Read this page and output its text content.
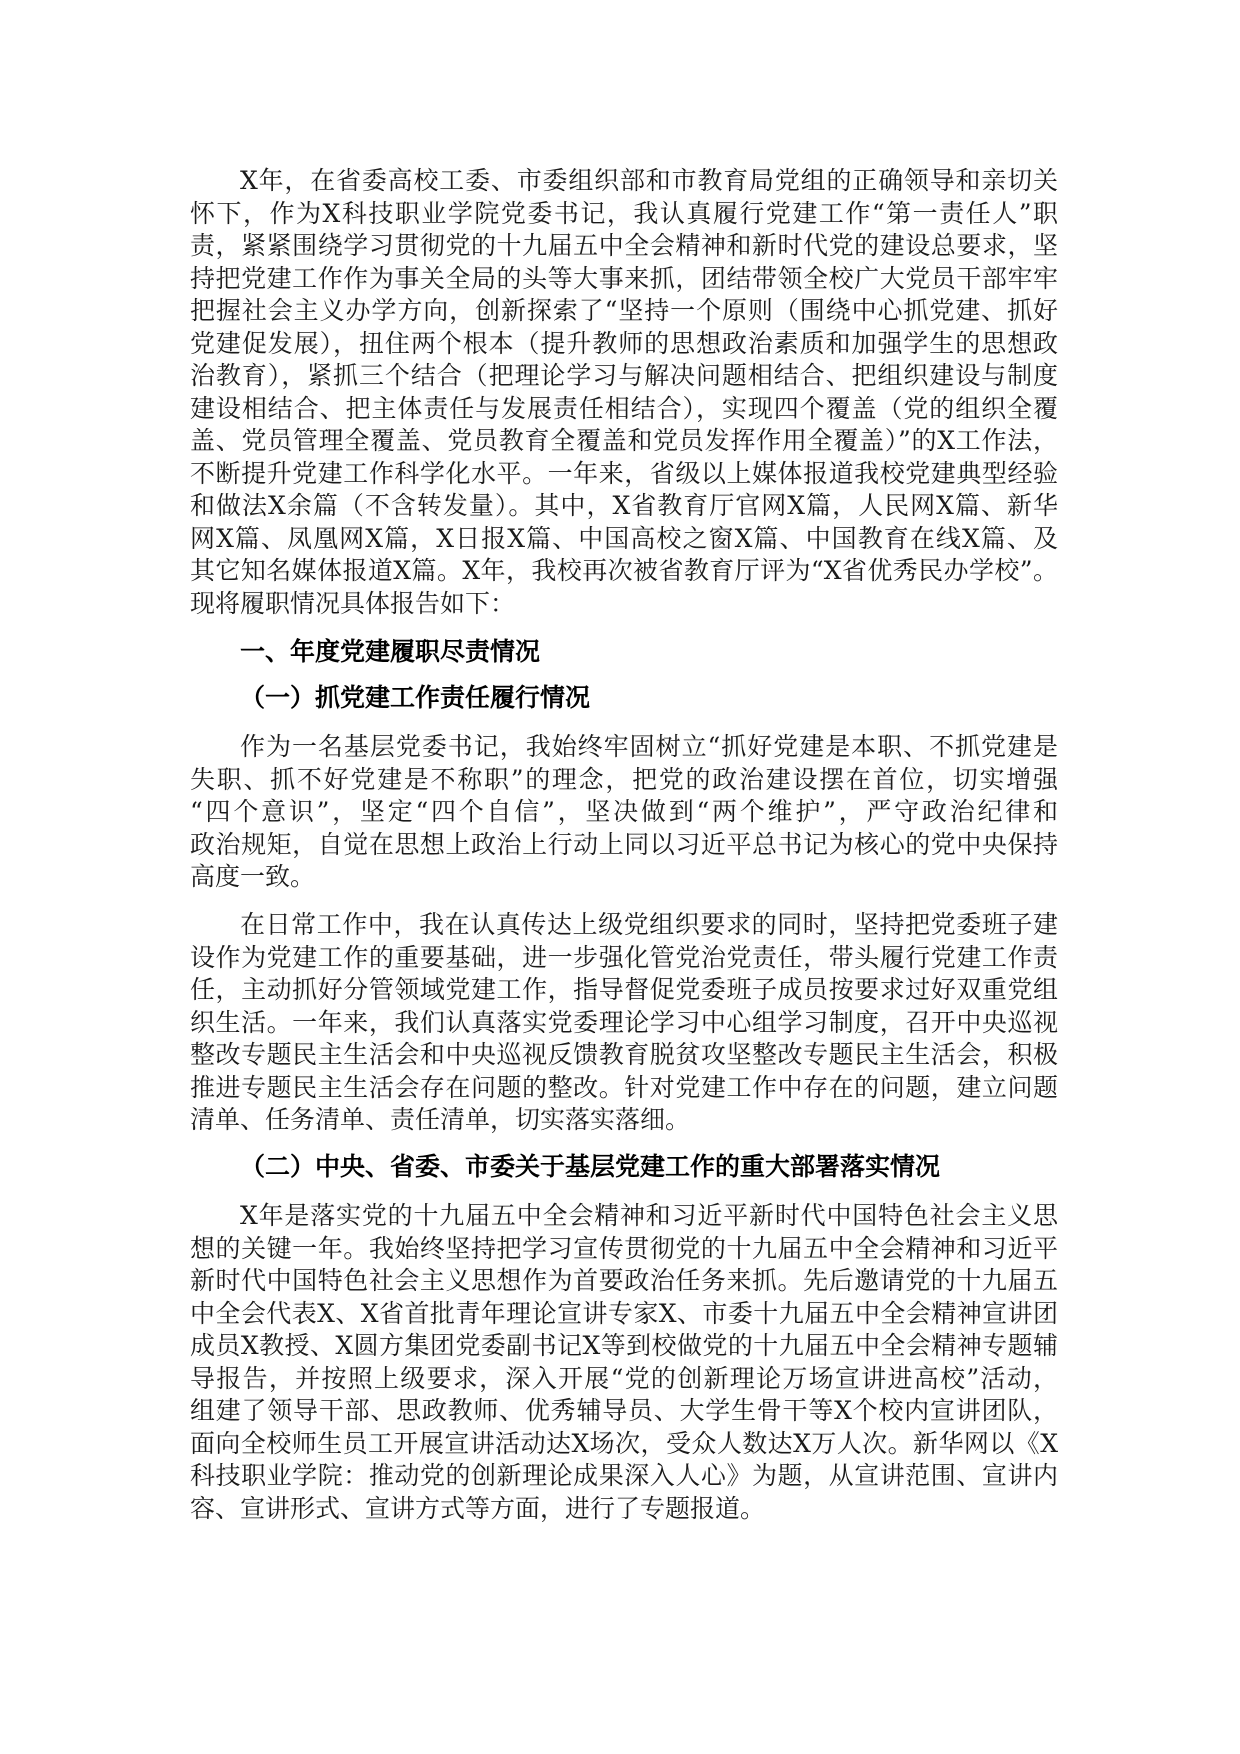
X年，在省委高校工委、市委组织部和市教育局党组的正确领导和亲切关
怀下，作为X科技职业学院党委书记，我认真履行党建工作“第一责任人”职
责，紧紧围绕学习贯彻党的十九届五中全会精神和新时代党的建设总要求，坚
持把党建工作作为事关全局的头等大事来抓，团结带领全校广大党员干部牢牢
把握社会主义办学方向，创新探索了“坚持一个原则（围绕中心抓党建、抓好
党建促发展），扭住两个根本（提升教师的思想政治素质和加强学生的思想政
治教育），紧抓三个结合（把理论学习与解决问题相结合、把组织建设与制度
建设相结合、把主体责任与发展责任相结合），实现四个覆盖（党的组织全覆
盖、党员管理全覆盖、党员教育全覆盖和党员发挥作用全覆盖）”的X工作法，
不断提升党建工作科学化水平。一年来，省级以上媒体报道我校党建典型经验
和做法X余篇（不含转发量）。其中，X省教育厅官网X篇，人民网X篇、新华
网X篇、凤凰网X篇，X日报X篇、中国高校之窗X篇、中国教育在线X篇、及
其它知名媒体报道X篇。X年，我校再次被省教育厅评为“X省优秀民办学校”。
现将履职情况具体报告如下：
一、年度党建履职尽责情况
（一）抓党建工作责任履行情况
作为一名基层党委书记，我始终牢固树立“抓好党建是本职、不抓党建是
失职、抓不好党建是不称职”的理念，把党的政治建设摆在首位，切实增强
“四个意识”，坚定“四个自信”，坚决做到“两个维护”，严守政治纪律和
政治规矩，自觉在思想上政治上行动上同以习近平总书记为核心的党中央保持
高度一致。
在日常工作中，我在认真传达上级党组织要求的同时，坚持把党委班子建
设作为党建工作的重要基础，进一步强化管党治党责任，带头履行党建工作责
任，主动抓好分管领域党建工作，指导督促党委班子成员按要求过好双重党组
织生活。一年来，我们认真落实党委理论学习中心组学习制度，召开中央巡视
整改专题民主生活会和中央巡视反馈教育脱贫攻坚整改专题民主生活会，积极
推进专题民主生活会存在问题的整改。针对党建工作中存在的问题，建立问题
清单、任务清单、责任清单，切实落实落细。
（二）中央、省委、市委关于基层党建工作的重大部署落实情况
X年是落实党的十九届五中全会精神和习近平新时代中国特色社会主义思
想的关键一年。我始终坚持把学习宣传贯彻党的十九届五中全会精神和习近平
新时代中国特色社会主义思想作为首要政治任务来抓。先后邀请党的十九届五
中全会代表X、X省首批青年理论宣讲专家X、市委十九届五中全会精神宣讲团
成员X教授、X圆方集团党委副书记X等到校做党的十九届五中全会精神专题辅
导报告，并按照上级要求，深入开展“党的创新理论万场宣讲进高校”活动，
组建了领导干部、思政教师、优秀辅导员、大学生骨干等X个校内宣讲团队，
面向全校师生员工开展宣讲活动达X场次，受众人数达X万人次。新华网以《X
科技职业学院：推动党的创新理论成果深入人心》为题，从宣讲范围、宣讲内
容、宣讲形式、宣讲方式等方面，进行了专题报道。
